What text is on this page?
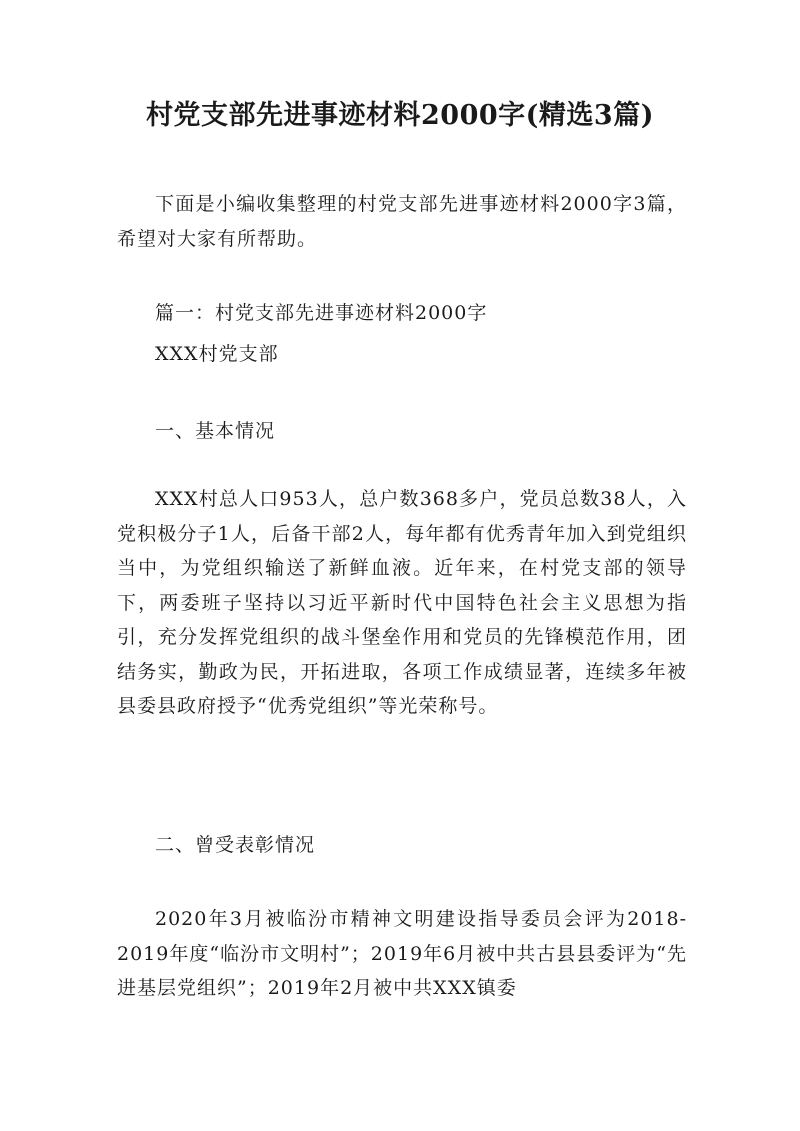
村党支部先进事迹材料2000字(精选3篇)

下面是小编收集整理的村党支部先进事迹材料2000字3篇，希望对大家有所帮助。

篇一：村党支部先进事迹材料2000字

XXX村党支部

一、基本情况

XXX村总人口953人，总户数368多户，党员总数38人，入党积极分子1人，后备干部2人，每年都有优秀青年加入到党组织当中，为党组织输送了新鲜血液。近年来，在村党支部的领导下，两委班子坚持以习近平新时代中国特色社会主义思想为指引，充分发挥党组织的战斗堡垒作用和党员的先锋模范作用，团结务实，勤政为民，开拓进取，各项工作成绩显著，连续多年被县委县政府授予“优秀党组织”等光荣称号。

二、曾受表彰情况

2020年3月被临汾市精神文明建设指导委员会评为2018-2019年度“临汾市文明村”；2019年6月被中共古县县委评为“先进基层党组织”；2019年2月被中共XXX镇委
